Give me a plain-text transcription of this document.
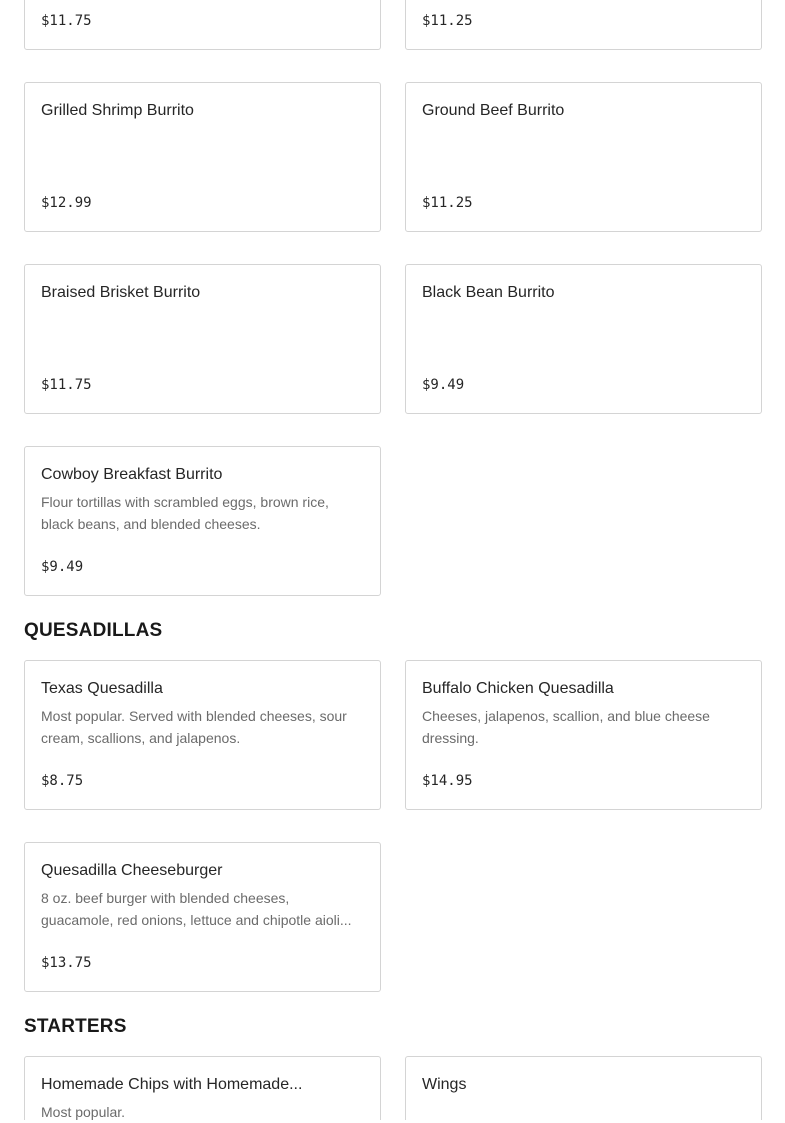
$11.75	$11.25
Grilled Shrimp Burrito
$12.99
Ground Beef Burrito
$11.25
Braised Brisket Burrito
$11.75
Black Bean Burrito
$9.49
Cowboy Breakfast Burrito
Flour tortillas with scrambled eggs, brown rice, black beans, and blended cheeses.
$9.49
QUESADILLAS
Texas Quesadilla
Most popular. Served with blended cheeses, sour cream, scallions, and jalapenos.
$8.75
Buffalo Chicken Quesadilla
Cheeses, jalapenos, scallion, and blue cheese dressing.
$14.95
Quesadilla Cheeseburger
8 oz. beef burger with blended cheeses, guacamole, red onions, lettuce and chipotle aioli...
$13.75
STARTERS
Homemade Chips with Homemade...
Most popular.
Wings
